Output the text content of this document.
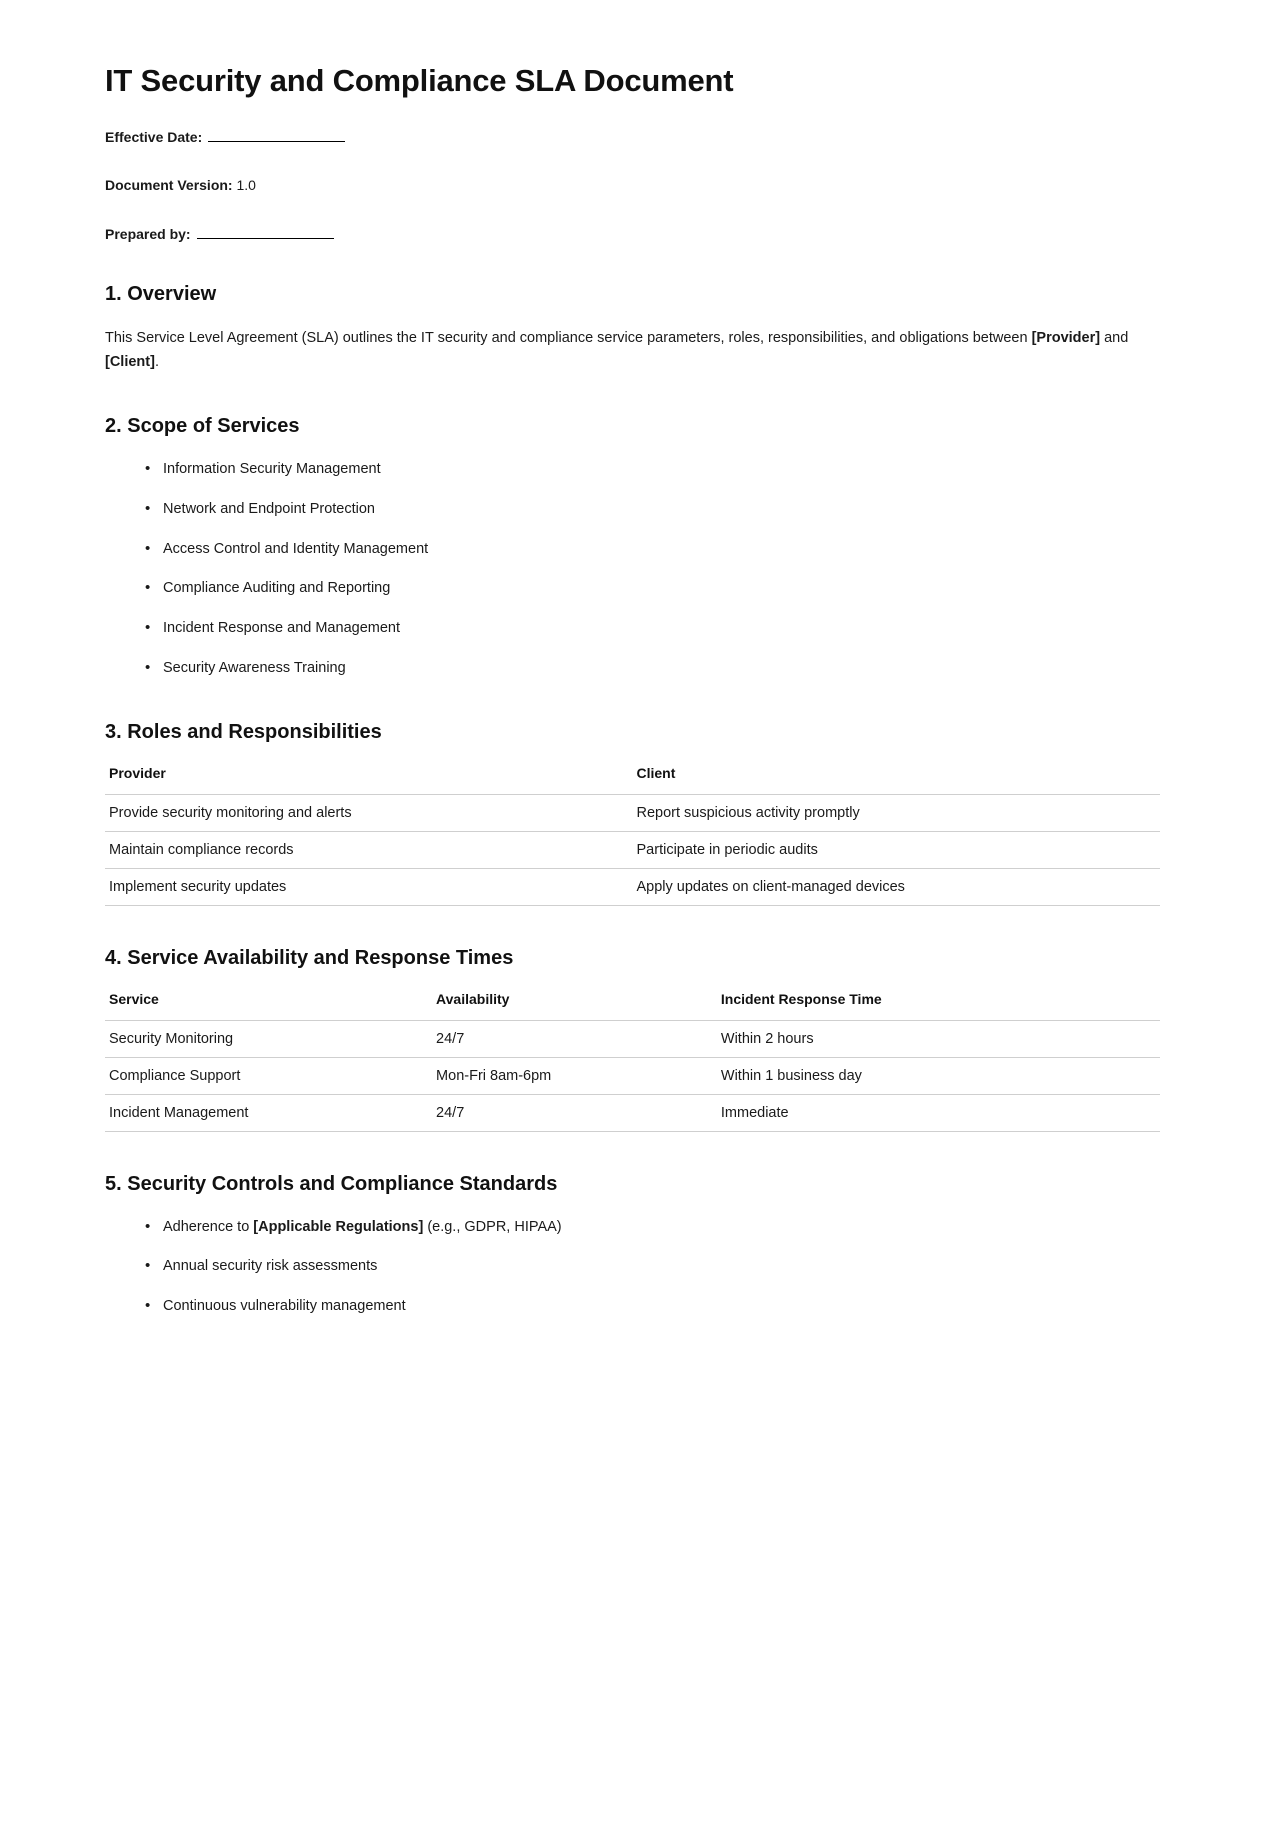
IT Security and Compliance SLA Document

Effective Date:

Document Version: 1.0

Prepared by:

1. Overview

This Service Level Agreement (SLA) outlines the IT security and compliance service parameters, roles, responsibilities, and obligations between [Provider] and [Client].

2. Scope of Services
• Information Security Management
• Network and Endpoint Protection
• Access Control and Identity Management
• Compliance Auditing and Reporting
• Incident Response and Management
• Security Awareness Training
3. Roles and Responsibilities
Provider	Client
Provide security monitoring and alerts	Report suspicious activity promptly
Maintain compliance records	Participate in periodic audits
Implement security updates	Apply updates on client-managed devices
4. Service Availability and Response Times
Service	Availability	Incident Response Time
Security Monitoring	24/7	Within 2 hours
Compliance Support	Mon-Fri 8am-6pm	Within 1 business day
Incident Management	24/7	Immediate
5. Security Controls and Compliance Standards
• Adherence to [Applicable Regulations] (e.g., GDPR, HIPAA)
• Annual security risk assessments
• Continuous vulnerability management
